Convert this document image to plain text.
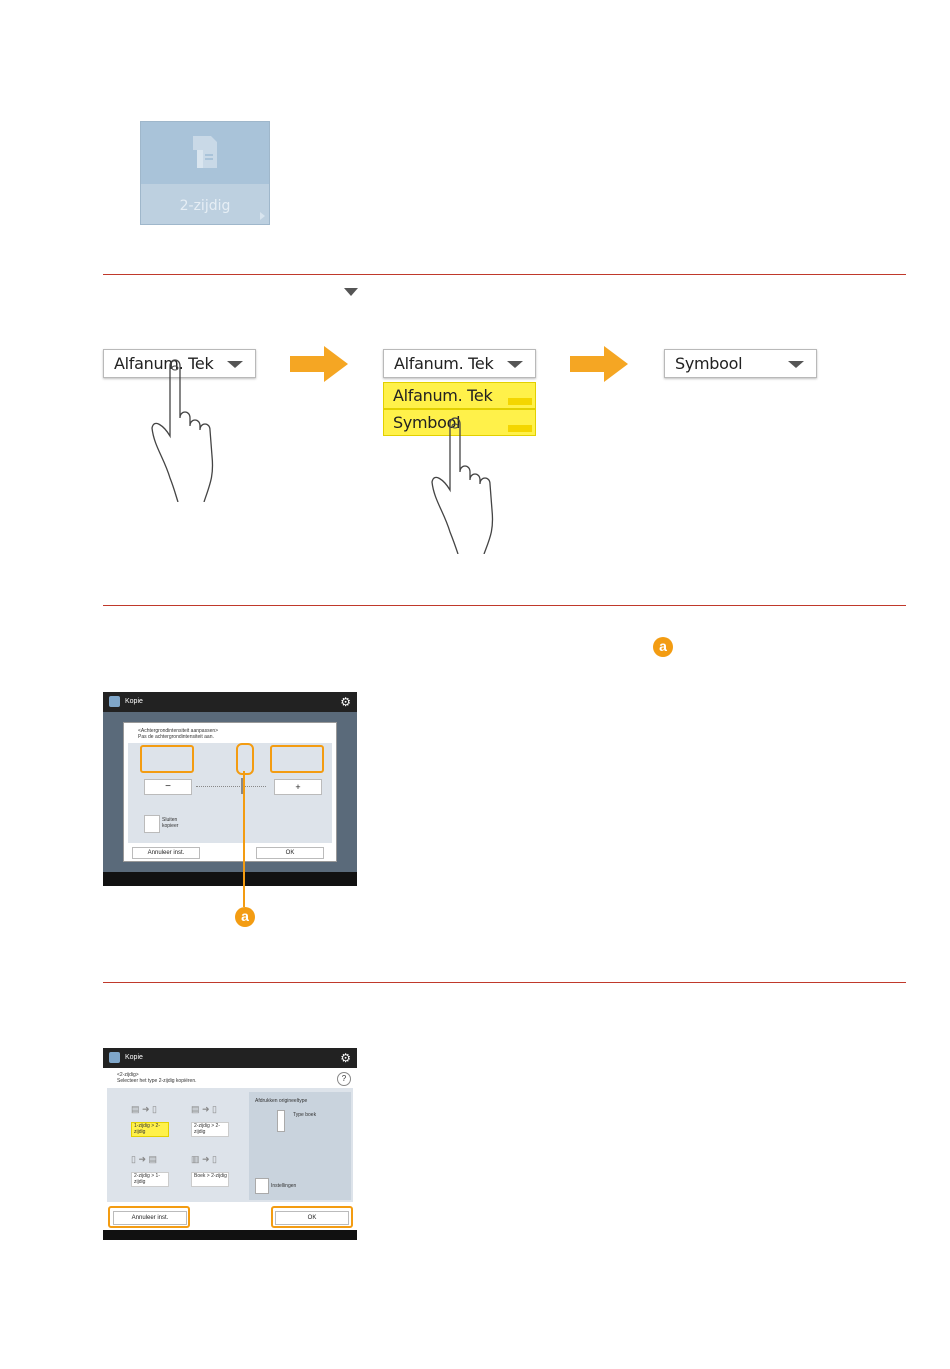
2-zijdig
Alfanum. Tek	Alfanum. Tek
Alfanum. Tek
Symbool
Symbool
a
Kopie	⚙
<Achtergrondintensiteit aanpassen>
Pas de achtergrondintensiteit aan.
−	+
Sluiten
kopieer
Annuleer inst.	OK
a
Kopie	⚙
<2-zijdig>
Selecteer het type 2-zijdig kopiëren.	?
Afdrukken origineeltype
Type boek
Instellingen
▤ ➜ ▯
1-zijdig > 2-zijdig
▤ ➜ ▯
2-zijdig > 2-zijdig
▯ ➜ ▤
2-zijdig > 1-zijdig
▥ ➜ ▯
Boek > 2-zijdig
Annuleer inst.	OK
